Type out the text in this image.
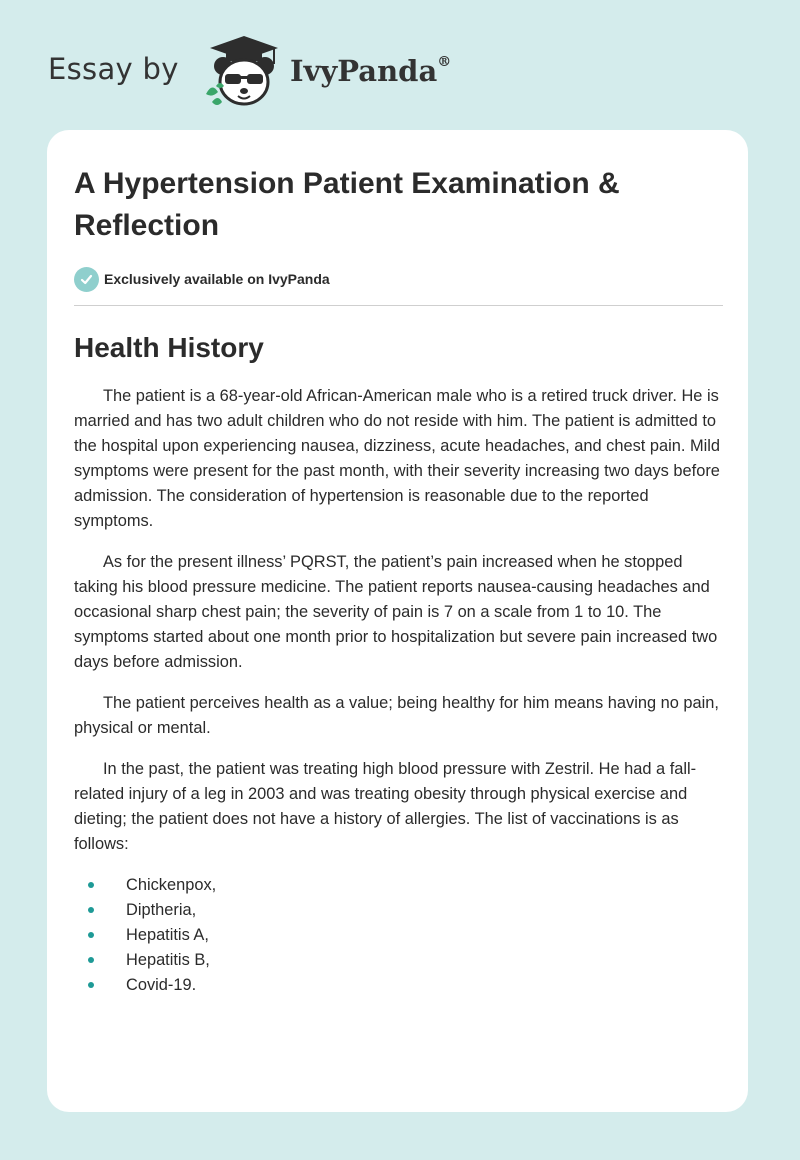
Essay by	IvyPanda®
A Hypertension Patient Examination & Reflection
Exclusively available on IvyPanda
Health History

The patient is a 68-year-old African-American male who is a retired truck driver. He is married and has two adult children who do not reside with him. The patient is admitted to the hospital upon experiencing nausea, dizziness, acute headaches, and chest pain. Mild symptoms were present for the past month, with their severity increasing two days before admission. The consideration of hypertension is reasonable due to the reported symptoms.

As for the present illness’ PQRST, the patient’s pain increased when he stopped taking his blood pressure medicine. The patient reports nausea-causing headaches and occasional sharp chest pain; the severity of pain is 7 on a scale from 1 to 10. The symptoms started about one month prior to hospitalization but severe pain increased two days before admission.

The patient perceives health as a value; being healthy for him means having no pain, physical or mental.

In the past, the patient was treating high blood pressure with Zestril. He had a fall-related injury of a leg in 2003 and was treating obesity through physical exercise and dieting; the patient does not have a history of allergies. The list of vaccinations is as follows:

Chickenpox,
Diptheria,
Hepatitis A,
Hepatitis B,
Covid-19.
